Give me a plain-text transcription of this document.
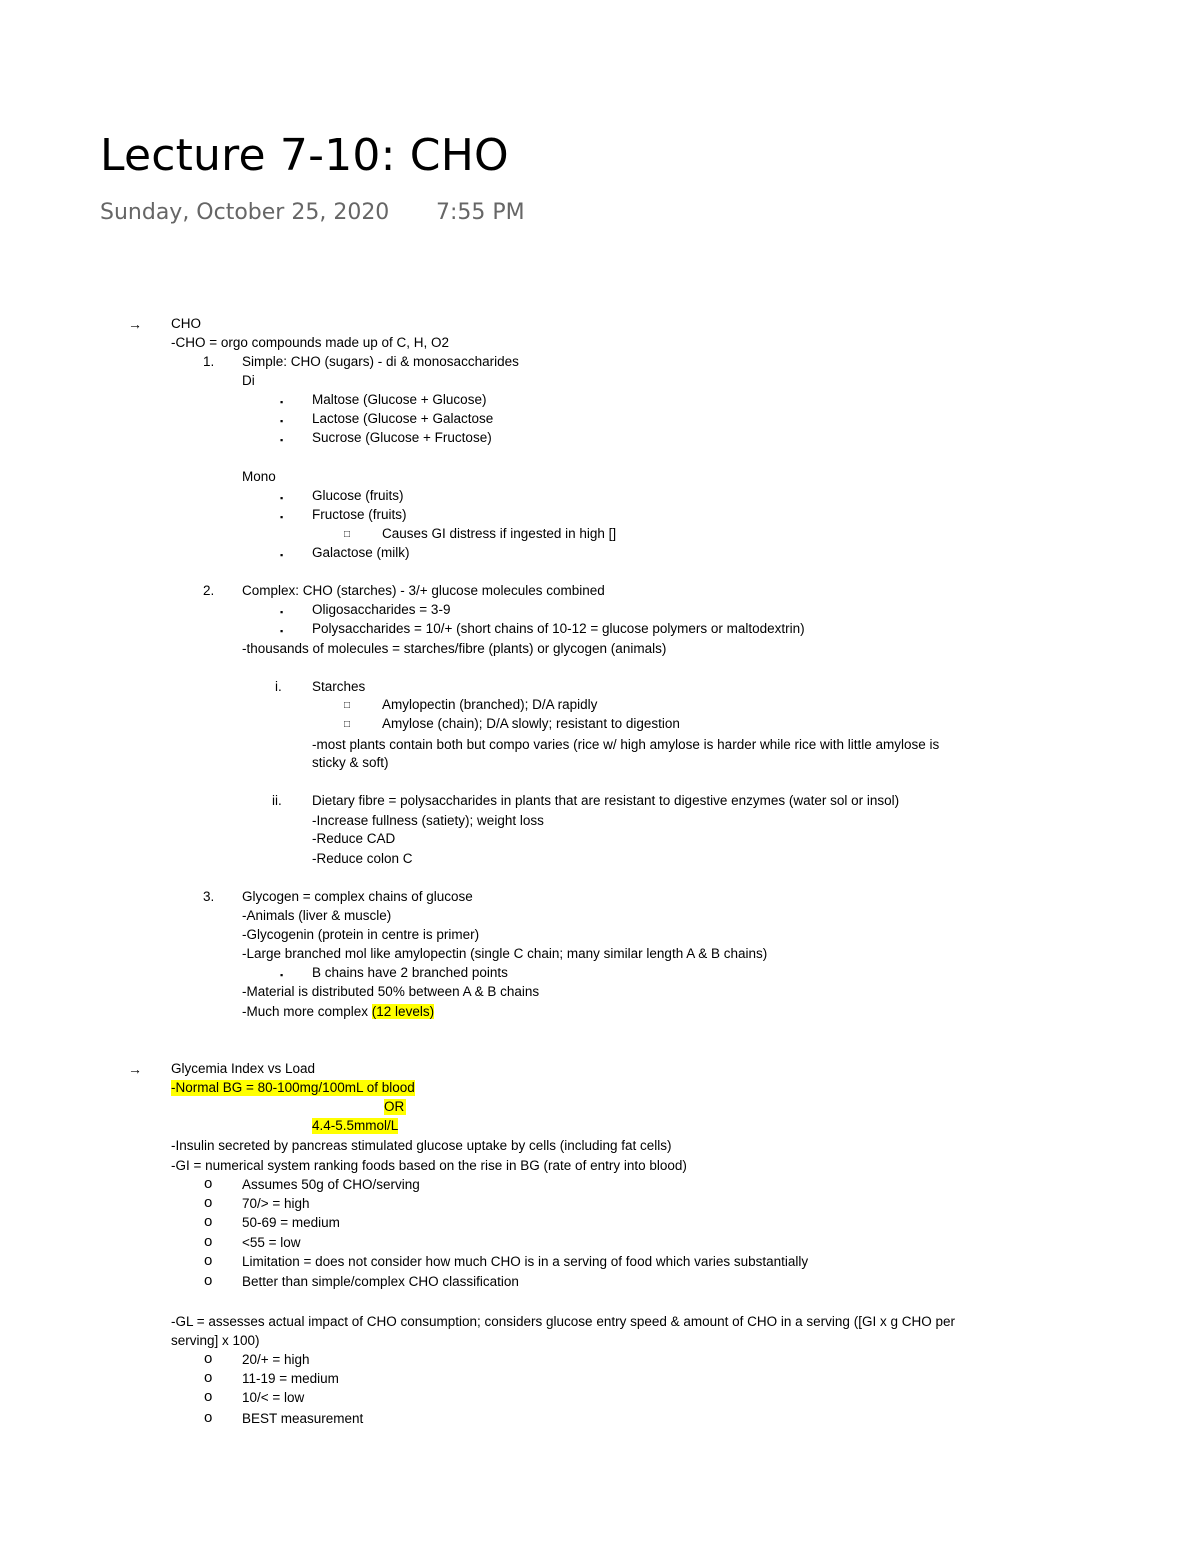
Lecture 7-10: CHO
Sunday, October 25, 2020 7:55 PM
→ CHO
-CHO = orgo compounds made up of C, H, O2
1. Simple: CHO (sugars) - di & monosaccharides
Di
▪ Maltose (Glucose + Glucose)
▪ Lactose (Glucose + Galactose
▪ Sucrose (Glucose + Fructose)
Mono
▪ Glucose (fruits)
▪ Fructose (fruits)
□ Causes GI distress if ingested in high []
▪ Galactose (milk)
2. Complex: CHO (starches) - 3/+ glucose molecules combined
▪ Oligosaccharides = 3-9
▪ Polysaccharides = 10/+ (short chains of 10-12 = glucose polymers or maltodextrin)
-thousands of molecules = starches/fibre (plants) or glycogen (animals)
i. Starches
□ Amylopectin (branched); D/A rapidly
□ Amylose (chain); D/A slowly; resistant to digestion
-most plants contain both but compo varies (rice w/ high amylose is harder while rice with little amylose is
sticky & soft)
ii. Dietary fibre = polysaccharides in plants that are resistant to digestive enzymes (water sol or insol)
-Increase fullness (satiety); weight loss
-Reduce CAD
-Reduce colon C
3. Glycogen = complex chains of glucose
-Animals (liver & muscle)
-Glycogenin (protein in centre is primer)
-Large branched mol like amylopectin (single C chain; many similar length A & B chains)
▪ B chains have 2 branched points
-Material is distributed 50% between A & B chains
-Much more complex (12 levels)
→ Glycemia Index vs Load
-Normal BG = 80-100mg/100mL of blood
OR
4.4-5.5mmol/L
-Insulin secreted by pancreas stimulated glucose uptake by cells (including fat cells)
-GI = numerical system ranking foods based on the rise in BG (rate of entry into blood)
o Assumes 50g of CHO/serving
o 70/> = high
o 50-69 = medium
o <55 = low
o Limitation = does not consider how much CHO is in a serving of food which varies substantially
o Better than simple/complex CHO classification
-GL = assesses actual impact of CHO consumption; considers glucose entry speed & amount of CHO in a serving ([GI x g CHO per
serving] x 100)
o 20/+ = high
o 11-19 = medium
o 10/< = low
o BEST measurement
